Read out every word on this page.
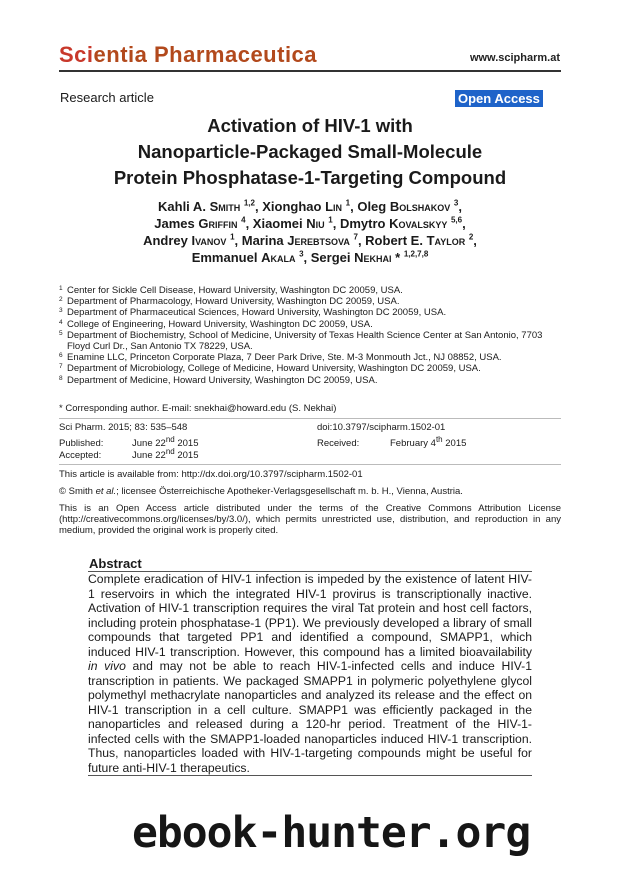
Scientia Pharmaceutica	www.scipharm.at
Research article	Open Access
Activation of HIV-1 with
Nanoparticle-Packaged Small-Molecule
Protein Phosphatase-1-Targeting Compound
Kahli A. Smith $^{1,2}$, Xionghao Lin $^1$, Oleg Bolshakov $^3$,
James Griffin $^4$, Xiaomei Niu $^1$, Dmytro Kovalskyy $^{5,6}$,
Andrey Ivanov $^1$, Marina Jerebtsova $^7$, Robert E. Taylor $^2$,
Emmanuel Akala $^3$, Sergei Nekhai * $^{1,2,7,8}$
1 Center for Sickle Cell Disease, Howard University, Washington DC 20059, USA.
2 Department of Pharmacology, Howard University, Washington DC 20059, USA.
3 Department of Pharmaceutical Sciences, Howard University, Washington DC 20059, USA.
4 College of Engineering, Howard University, Washington DC 20059, USA.
5 Department of Biochemistry, School of Medicine, University of Texas Health Science Center at San Antonio, 7703 Floyd Curl Dr., San Antonio TX 78229, USA.
6 Enamine LLC, Princeton Corporate Plaza, 7 Deer Park Drive, Ste. M-3 Monmouth Jct., NJ 08852, USA.
7 Department of Microbiology, College of Medicine, Howard University, Washington DC 20059, USA.
8 Department of Medicine, Howard University, Washington DC 20059, USA.
* Corresponding author. E-mail: snekhai@howard.edu (S. Nekhai)
Sci Pharm. 2015; 83: 535–548	doi:10.3797/scipharm.1502-01
Published:	June 22nd 2015
Accepted:	June 22nd 2015
Received:	February 4th 2015
This article is available from: http://dx.doi.org/10.3797/scipharm.1502-01
© Smith et al.; licensee Österreichische Apotheker-Verlagsgesellschaft m. b. H., Vienna, Austria.
This is an Open Access article distributed under the terms of the Creative Commons Attribution License (http://creativecommons.org/licenses/by/3.0/), which permits unrestricted use, distribution, and reproduction in any medium, provided the original work is properly cited.
Abstract
Complete eradication of HIV-1 infection is impeded by the existence of latent HIV-1 reservoirs in which the integrated HIV-1 provirus is transcriptionally inactive. Activation of HIV-1 transcription requires the viral Tat protein and host cell factors, including protein phosphatase-1 (PP1). We previously developed a library of small compounds that targeted PP1 and identified a compound, SMAPP1, which induced HIV-1 transcription. However, this compound has a limited bioavailability in vivo and may not be able to reach HIV-1-infected cells and induce HIV-1 transcription in patients. We packaged SMAPP1 in polymeric polyethylene glycol polymethyl methacrylate nanoparticles and analyzed its release and the effect on HIV-1 transcription in a cell culture. SMAPP1 was efficiently packaged in the nanoparticles and released during a 120-hr period. Treatment of the HIV-1-infected cells with the SMAPP1-loaded nanoparticles induced HIV-1 transcription. Thus, nanoparticles loaded with HIV-1-targeting compounds might be useful for future anti-HIV-1 therapeutics.
ebook-hunter.org
